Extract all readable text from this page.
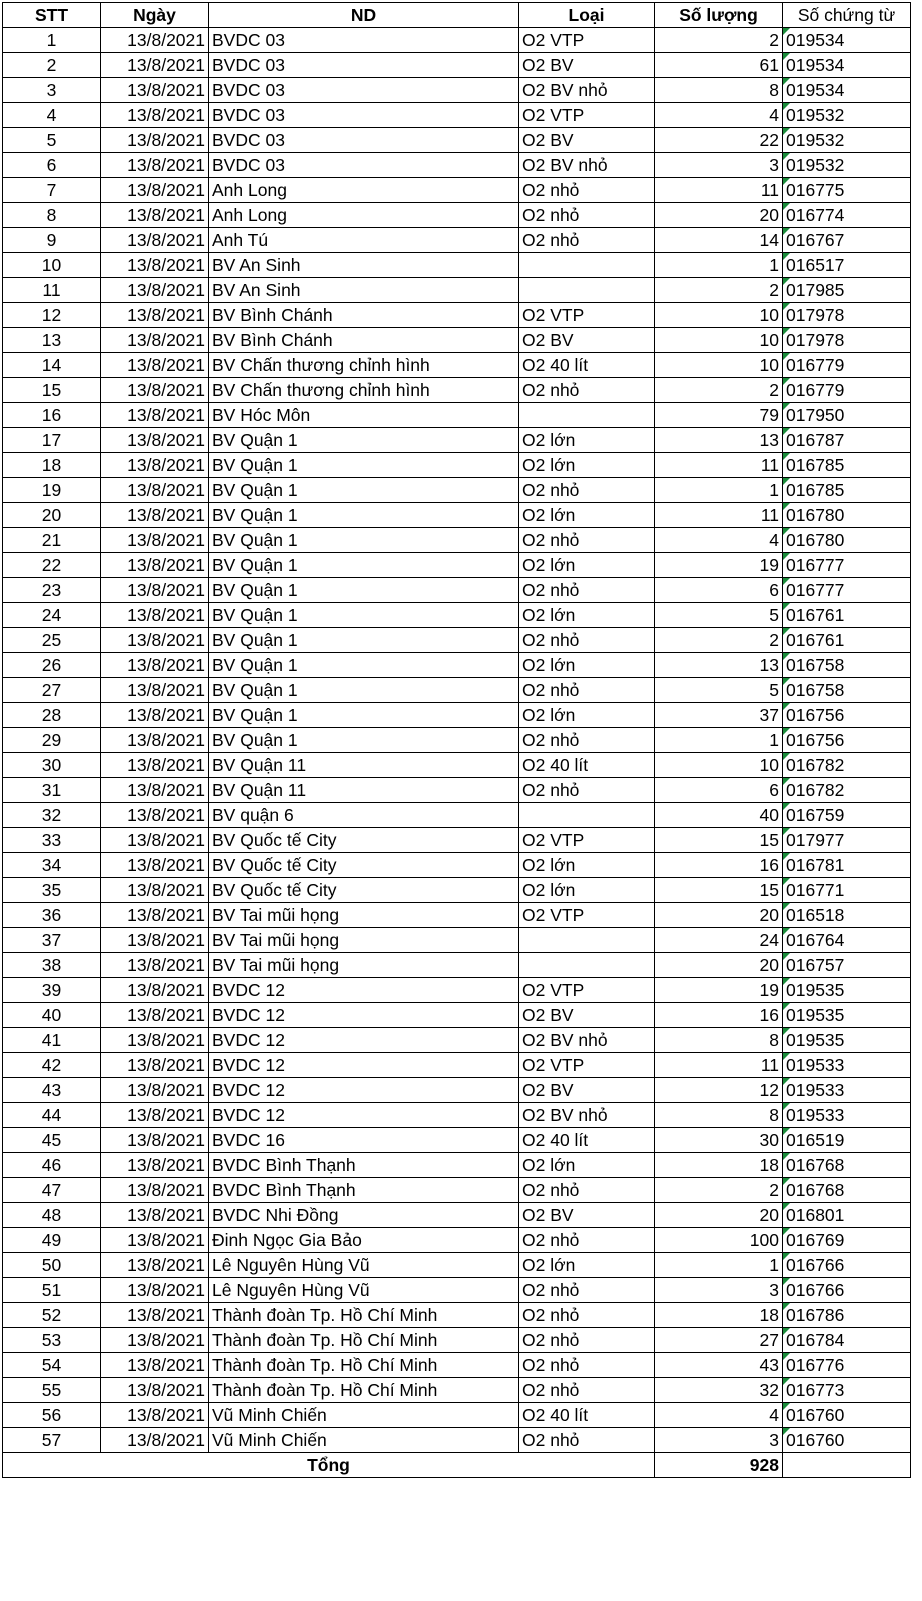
STT	Ngày	ND	Loại	Số lượng	Số chứng từ
1	13/8/2021	BVDC 03	O2 VTP	2	019534
2	13/8/2021	BVDC 03	O2 BV	61	019534
3	13/8/2021	BVDC 03	O2 BV nhỏ	8	019534
4	13/8/2021	BVDC 03	O2 VTP	4	019532
5	13/8/2021	BVDC 03	O2 BV	22	019532
6	13/8/2021	BVDC 03	O2 BV nhỏ	3	019532
7	13/8/2021	Anh Long	O2 nhỏ	11	016775
8	13/8/2021	Anh Long	O2 nhỏ	20	016774
9	13/8/2021	Anh Tú	O2 nhỏ	14	016767
10	13/8/2021	BV An Sinh		1	016517
11	13/8/2021	BV An Sinh		2	017985
12	13/8/2021	BV Bình Chánh	O2 VTP	10	017978
13	13/8/2021	BV Bình Chánh	O2 BV	10	017978
14	13/8/2021	BV Chấn thương chỉnh hình	O2 40 lít	10	016779
15	13/8/2021	BV Chấn thương chỉnh hình	O2 nhỏ	2	016779
16	13/8/2021	BV Hóc Môn		79	017950
17	13/8/2021	BV Quận 1	O2 lớn	13	016787
18	13/8/2021	BV Quận 1	O2 lớn	11	016785
19	13/8/2021	BV Quận 1	O2 nhỏ	1	016785
20	13/8/2021	BV Quận 1	O2 lớn	11	016780
21	13/8/2021	BV Quận 1	O2 nhỏ	4	016780
22	13/8/2021	BV Quận 1	O2 lớn	19	016777
23	13/8/2021	BV Quận 1	O2 nhỏ	6	016777
24	13/8/2021	BV Quận 1	O2 lớn	5	016761
25	13/8/2021	BV Quận 1	O2 nhỏ	2	016761
26	13/8/2021	BV Quận 1	O2 lớn	13	016758
27	13/8/2021	BV Quận 1	O2 nhỏ	5	016758
28	13/8/2021	BV Quận 1	O2 lớn	37	016756
29	13/8/2021	BV Quận 1	O2 nhỏ	1	016756
30	13/8/2021	BV Quận 11	O2 40 lít	10	016782
31	13/8/2021	BV Quận 11	O2 nhỏ	6	016782
32	13/8/2021	BV quận 6		40	016759
33	13/8/2021	BV Quốc tế City	O2 VTP	15	017977
34	13/8/2021	BV Quốc tế City	O2 lớn	16	016781
35	13/8/2021	BV Quốc tế City	O2 lớn	15	016771
36	13/8/2021	BV Tai mũi họng	O2 VTP	20	016518
37	13/8/2021	BV Tai mũi họng		24	016764
38	13/8/2021	BV Tai mũi họng		20	016757
39	13/8/2021	BVDC 12	O2 VTP	19	019535
40	13/8/2021	BVDC 12	O2 BV	16	019535
41	13/8/2021	BVDC 12	O2 BV nhỏ	8	019535
42	13/8/2021	BVDC 12	O2 VTP	11	019533
43	13/8/2021	BVDC 12	O2 BV	12	019533
44	13/8/2021	BVDC 12	O2 BV nhỏ	8	019533
45	13/8/2021	BVDC 16	O2 40 lít	30	016519
46	13/8/2021	BVDC Bình Thạnh	O2 lớn	18	016768
47	13/8/2021	BVDC Bình Thạnh	O2 nhỏ	2	016768
48	13/8/2021	BVDC Nhi Đồng	O2 BV	20	016801
49	13/8/2021	Đinh Ngọc Gia Bảo	O2 nhỏ	100	016769
50	13/8/2021	Lê Nguyên Hùng Vũ	O2 lớn	1	016766
51	13/8/2021	Lê Nguyên Hùng Vũ	O2 nhỏ	3	016766
52	13/8/2021	Thành đoàn Tp. Hồ Chí Minh	O2 nhỏ	18	016786
53	13/8/2021	Thành đoàn Tp. Hồ Chí Minh	O2 nhỏ	27	016784
54	13/8/2021	Thành đoàn Tp. Hồ Chí Minh	O2 nhỏ	43	016776
55	13/8/2021	Thành đoàn Tp. Hồ Chí Minh	O2 nhỏ	32	016773
56	13/8/2021	Vũ Minh Chiến	O2 40 lít	4	016760
57	13/8/2021	Vũ Minh Chiến	O2 nhỏ	3	016760
Tổng				928	
